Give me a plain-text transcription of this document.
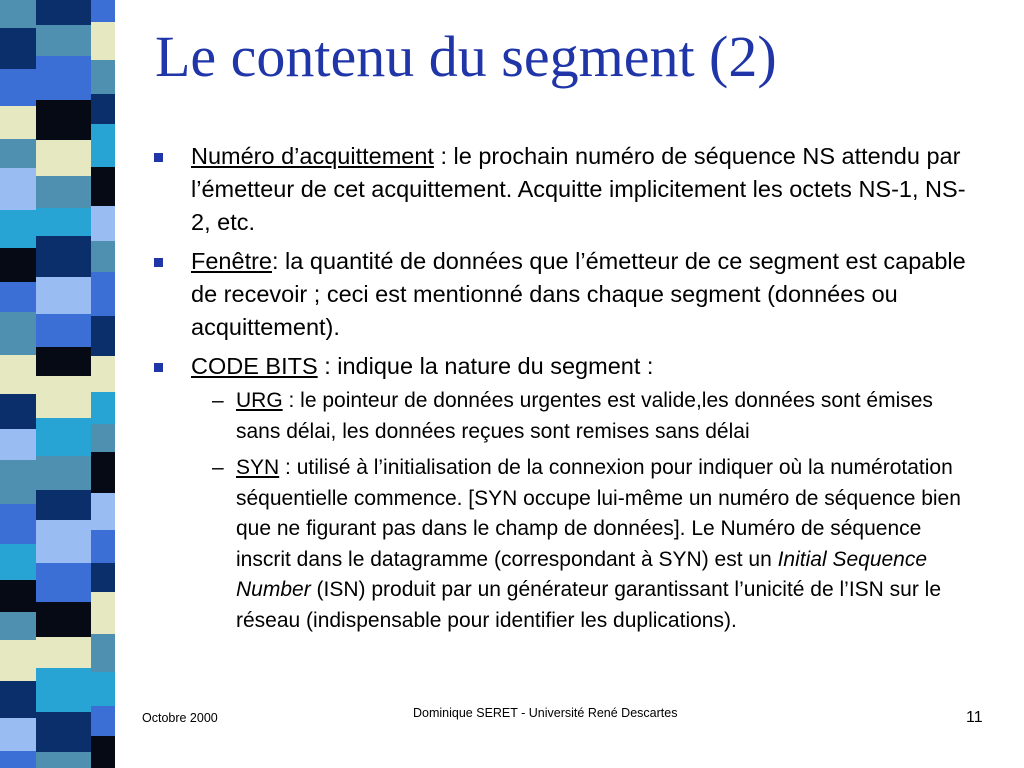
Le contenu du segment (2)
Numéro d’acquittement : le prochain numéro de séquence NS attendu par l’émetteur de cet acquittement. Acquitte implicitement les octets NS-1, NS-2, etc.
Fenêtre: la quantité de données que l’émetteur de ce segment est capable de recevoir ; ceci est mentionné dans chaque segment (données ou acquittement).
CODE BITS : indique la nature du segment :
– URG : le pointeur de données urgentes est valide,les données sont émises sans délai, les données reçues sont remises sans délai
– SYN : utilisé à l’initialisation de la connexion pour indiquer où la numérotation séquentielle commence. [SYN occupe lui-même un numéro de séquence bien que ne figurant pas dans le champ de données]. Le Numéro de séquence inscrit dans le datagramme (correspondant à SYN) est un Initial Sequence Number (ISN) produit par un générateur garantissant l’unicité de l’ISN sur le réseau (indispensable pour identifier les duplications).
Octobre 2000	Dominique SERET - Université René Descartes	11
